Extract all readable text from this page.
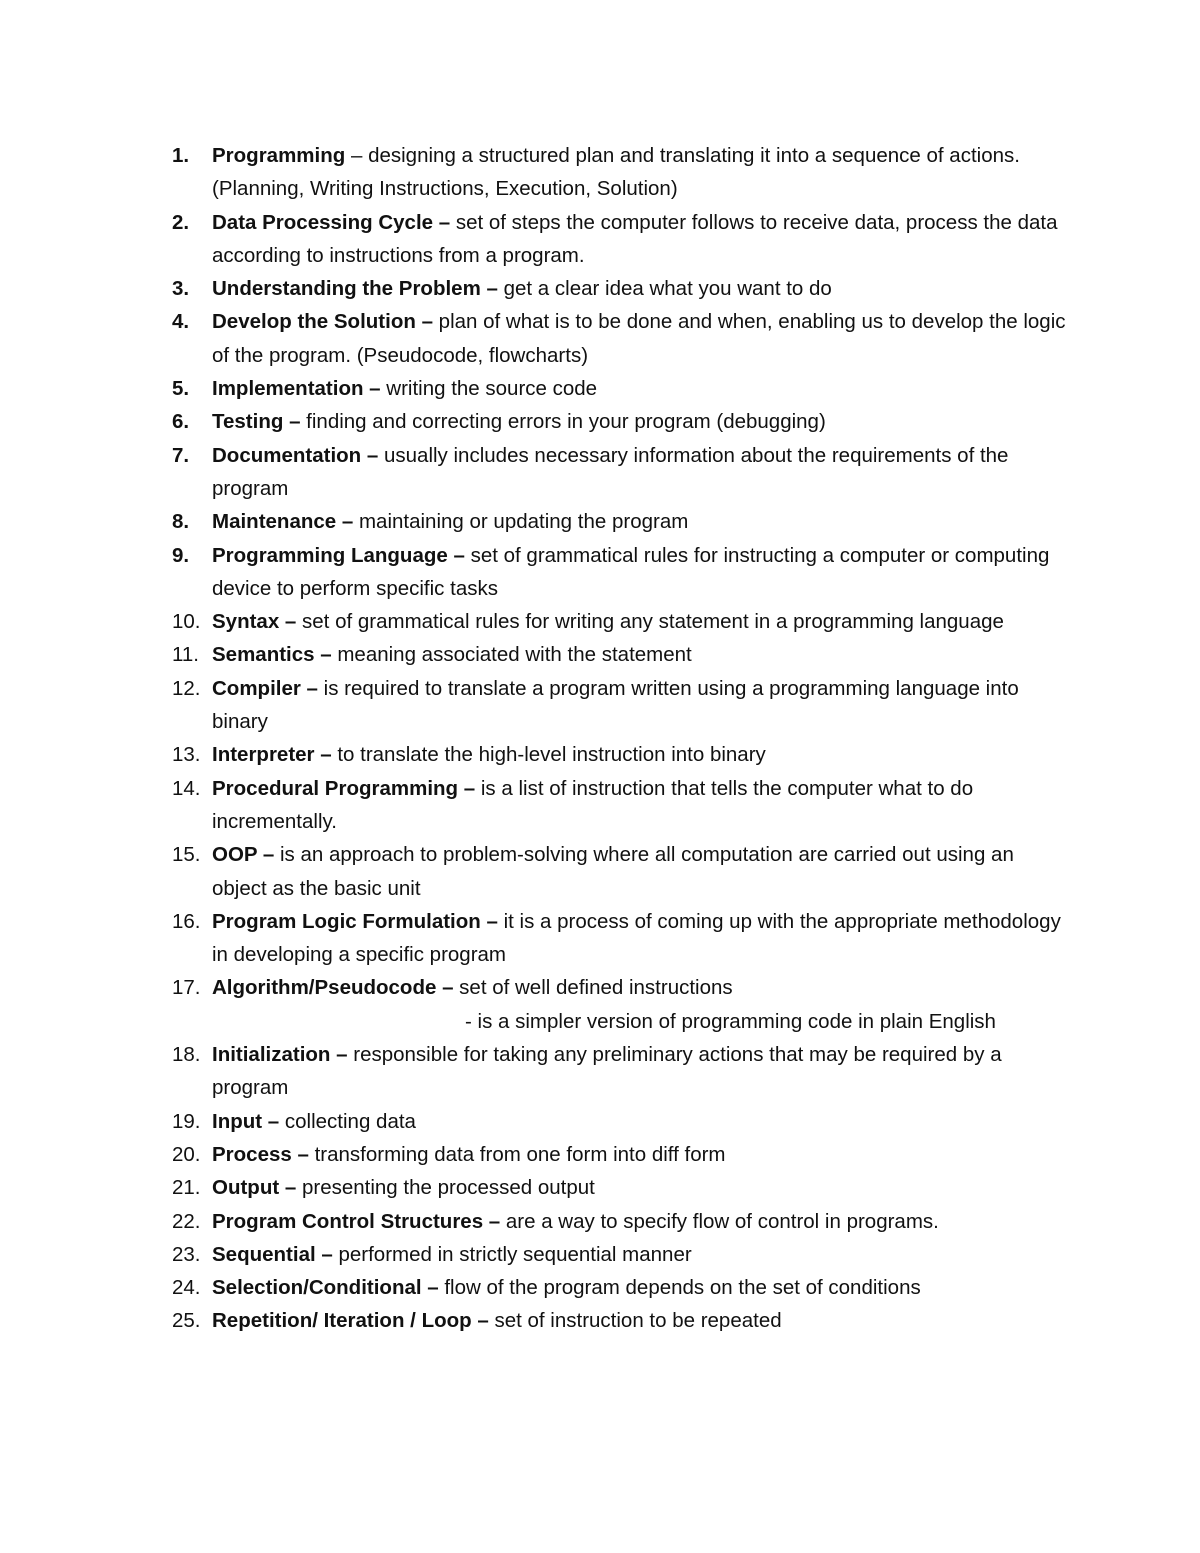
1.	Programming – designing a structured plan and translating it into a sequence of actions. (Planning, Writing Instructions, Execution, Solution)
2.	Data Processing Cycle – set of steps the computer follows to receive data, process the data according to instructions from a program.
3.	Understanding the Problem – get a clear idea what you want to do
4.	Develop the Solution – plan of what is to be done and when, enabling us to develop the logic of the program. (Pseudocode, flowcharts)
5.	Implementation – writing the source code
6.	Testing – finding and correcting errors in your program (debugging)
7.	Documentation – usually includes necessary information about the requirements of the program
8.	Maintenance – maintaining or updating the program
9.	Programming Language – set of grammatical rules for instructing a computer or computing device to perform specific tasks
10. Syntax – set of grammatical rules for writing any statement in a programming language
11. Semantics – meaning associated with the statement
12. Compiler – is required to translate a program written using a programming language into binary
13. Interpreter – to translate the high-level instruction into binary
14. Procedural Programming – is a list of instruction that tells the computer what to do incrementally.
15. OOP – is an approach to problem-solving where all computation are carried out using an object as the basic unit
16. Program Logic Formulation – it is a process of coming up with the appropriate methodology in developing a specific program
17. Algorithm/Pseudocode – set of well defined instructions
- is a simpler version of programming code in plain English
18. Initialization – responsible for taking any preliminary actions that may be required by a program
19. Input – collecting data
20. Process – transforming data from one form into diff form
21. Output – presenting the processed output
22. Program Control Structures – are a way to specify flow of control in programs.
23. Sequential – performed in strictly sequential manner
24. Selection/Conditional – flow of the program depends on the set of conditions
25. Repetition/ Iteration / Loop – set of instruction to be repeated
